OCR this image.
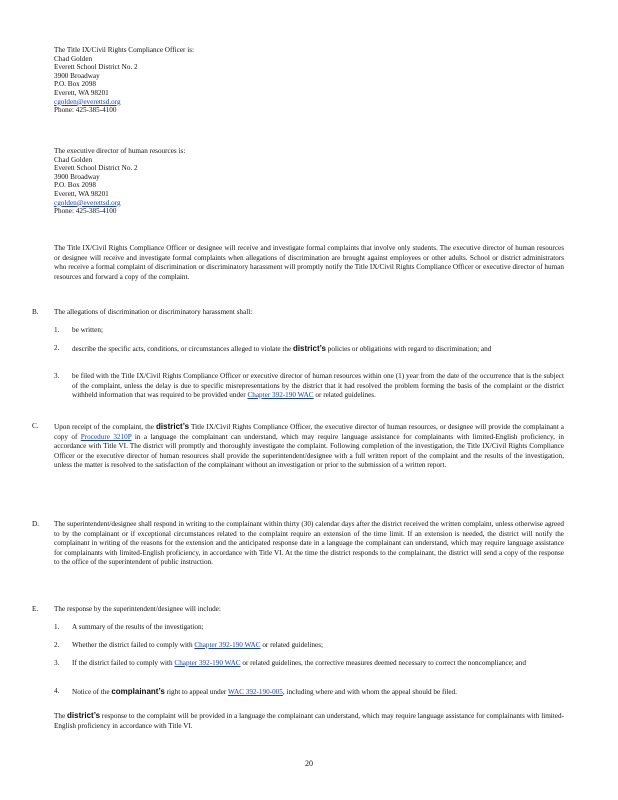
The Title IX/Civil Rights Compliance Officer is:
Chad Golden
Everett School District No. 2
3900 Broadway
P.O. Box 2098
Everett, WA 98201
cgolden@everettsd.org
Phone: 425-385-4100
The executive director of human resources is:
Chad Golden
Everett School District No. 2
3900 Broadway
P.O. Box 2098
Everett, WA 98201
cgolden@everettsd.org
Phone: 425-385-4100
The Title IX/Civil Rights Compliance Officer or designee will receive and investigate formal complaints that involve only students. The executive director of human resources or designee will receive and investigate formal complaints when allegations of discrimination are brought against employees or other adults. School or district administrators who receive a formal complaint of discrimination or discriminatory harassment will promptly notify the Title IX/Civil Rights Compliance Officer or executive director of human resources and forward a copy of the complaint.
B.	The allegations of discrimination or discriminatory harassment shall:
1.	be written;
2.	describe the specific acts, conditions, or circumstances alleged to violate the district’s policies or obligations with regard to discrimination; and
3.	be filed with the Title IX/Civil Rights Compliance Officer or executive director of human resources within one (1) year from the date of the occurrence that is the subject of the complaint, unless the delay is due to specific misrepresentations by the district that it had resolved the problem forming the basis of the complaint or the district withheld information that was required to be provided under Chapter 392-190 WAC or related guidelines.
C.	Upon receipt of the complaint, the district’s Title IX/Civil Rights Compliance Officer, the executive director of human resources, or designee will provide the complainant a copy of Procedure 3210P in a language the complainant can understand, which may require language assistance for complainants with limited-English proficiency, in accordance with Title VI. The district will promptly and thoroughly investigate the complaint. Following completion of the investigation, the Title IX/Civil Rights Compliance Officer or the executive director of human resources shall provide the superintendent/designee with a full written report of the complaint and the results of the investigation, unless the matter is resolved to the satisfaction of the complainant without an investigation or prior to the submission of a written report.
D.	The superintendent/designee shall respond in writing to the complainant within thirty (30) calendar days after the district received the written complaint, unless otherwise agreed to by the complainant or if exceptional circumstances related to the complaint require an extension of the time limit. If an extension is needed, the district will notify the complainant in writing of the reasons for the extension and the anticipated response date in a language the complainant can understand, which may require language assistance for complainants with limited-English proficiency, in accordance with Title VI. At the time the district responds to the complainant, the district will send a copy of the response to the office of the superintendent of public instruction.
E.	The response by the superintendent/designee will include:
1.	A summary of the results of the investigation;
2.	Whether the district failed to comply with Chapter 392-190 WAC or related guidelines;
3.	If the district failed to comply with Chapter 392-190 WAC or related guidelines, the corrective measures deemed necessary to correct the noncompliance; and
4.	Notice of the complainant’s right to appeal under WAC 392-190-005, including where and with whom the appeal should be filed.
The district’s response to the complaint will be provided in a language the complainant can understand, which may require language assistance for complainants with limited-English proficiency in accordance with Title VI.
20
